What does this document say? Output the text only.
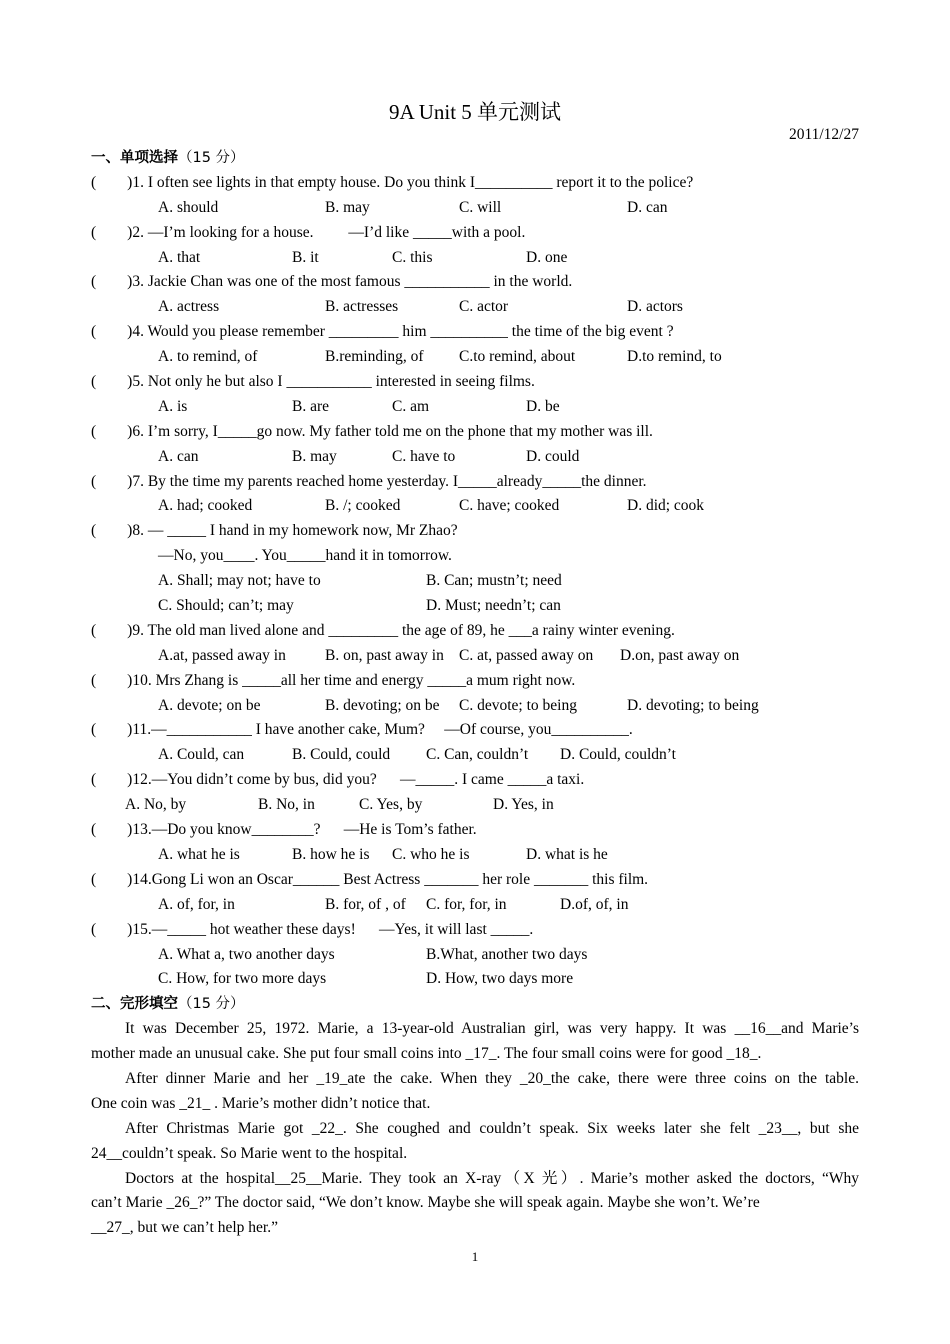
9A Unit 5 单元测试
2011/12/27
一、单项选择（15 分）
(        )1. I often see lights in that empty house. Do you think I__________ report it to the police?
A. should	B. may	C. will	D. can
(        )2. —I’m looking for a house.         —I’d like _____with a pool.
A. that	B. it	C. this	D. one
(        )3. Jackie Chan was one of the most famous ___________ in the world.
A. actress	B. actresses	C. actor	D. actors
(        )4. Would you please remember _________ him __________ the time of the big event ?
A. to remind, of	B.reminding, of C.to remind, about	D.to remind, to
(        )5. Not only he but also I ___________ interested in seeing films.
A. is	B. are	C. am	D. be
(        )6. I’m sorry, I_____go now. My father told me on the phone that my mother was ill.
A. can	B. may	C. have to	D. could
(        )7. By the time my parents reached home yesterday. I_____already_____the dinner.
A. had; cooked	B. /; cooked	C. have; cooked	D. did; cook
(        )8. — _____ I hand in my homework now, Mr Zhao?
—No, you____. You_____hand it in tomorrow.
A. Shall; may not; have to	B. Can; mustn’t; need
C. Should; can’t; may	D. Must; needn’t; can
(        )9. The old man lived alone and _________ the age of 89, he ___a rainy winter evening.
A.at, passed away in	B. on, past away in C. at, passed away on D.on, past away on
(        )10. Mrs Zhang is _____all her time and energy _____a mum right now.
A. devote; on be	B. devoting; on be C. devote; to being	D. devoting; to being
(        )11.—___________ I have another cake, Mum?     —Of course, you__________.
A. Could, can	B. Could, could C. Can, couldn’t D. Could, couldn’t
(        )12.—You didn’t come by bus, did you?      —_____. I came _____a taxi.
A. No, by	B. No, in	C. Yes, by	D. Yes, in
(        )13.—Do you know________?      —He is Tom’s father.
A. what he is	B. how he is C. who he is	D. what is he
(        )14.Gong Li won an Oscar______ Best Actress _______ her role _______ this film.
A. of, for, in	B. for, of , of C. for, for, in	D.of, of, in
(        )15.—_____ hot weather these days!      —Yes, it will last _____.
A. What a, two another days	B.What, another two days
C. How, for two more days	D. How, two days more
二、完形填空（15 分）
It was December 25, 1972. Marie, a 13-year-old Australian girl, was very happy. It was __16__and Marie’s
mother made an unusual cake. She put four small coins into _17_. The four small coins were for good _18_.
After dinner Marie and her _19_ate the cake. When they _20_the cake, there were three coins on the table.
One coin was _21_ . Marie’s mother didn’t notice that.
After Christmas Marie got _22_. She coughed and couldn’t speak. Six weeks later she felt _23__, but she
24__couldn’t speak. So Marie went to the hospital.
Doctors at the hospital__25__Marie. They took an X-ray（X 光）. Marie’s mother asked the doctors, “Why
can’t Marie _26_?” The doctor said, “We don’t know. Maybe she will speak again. Maybe she won’t. We’re
__27_, but we can’t help her.”
1
